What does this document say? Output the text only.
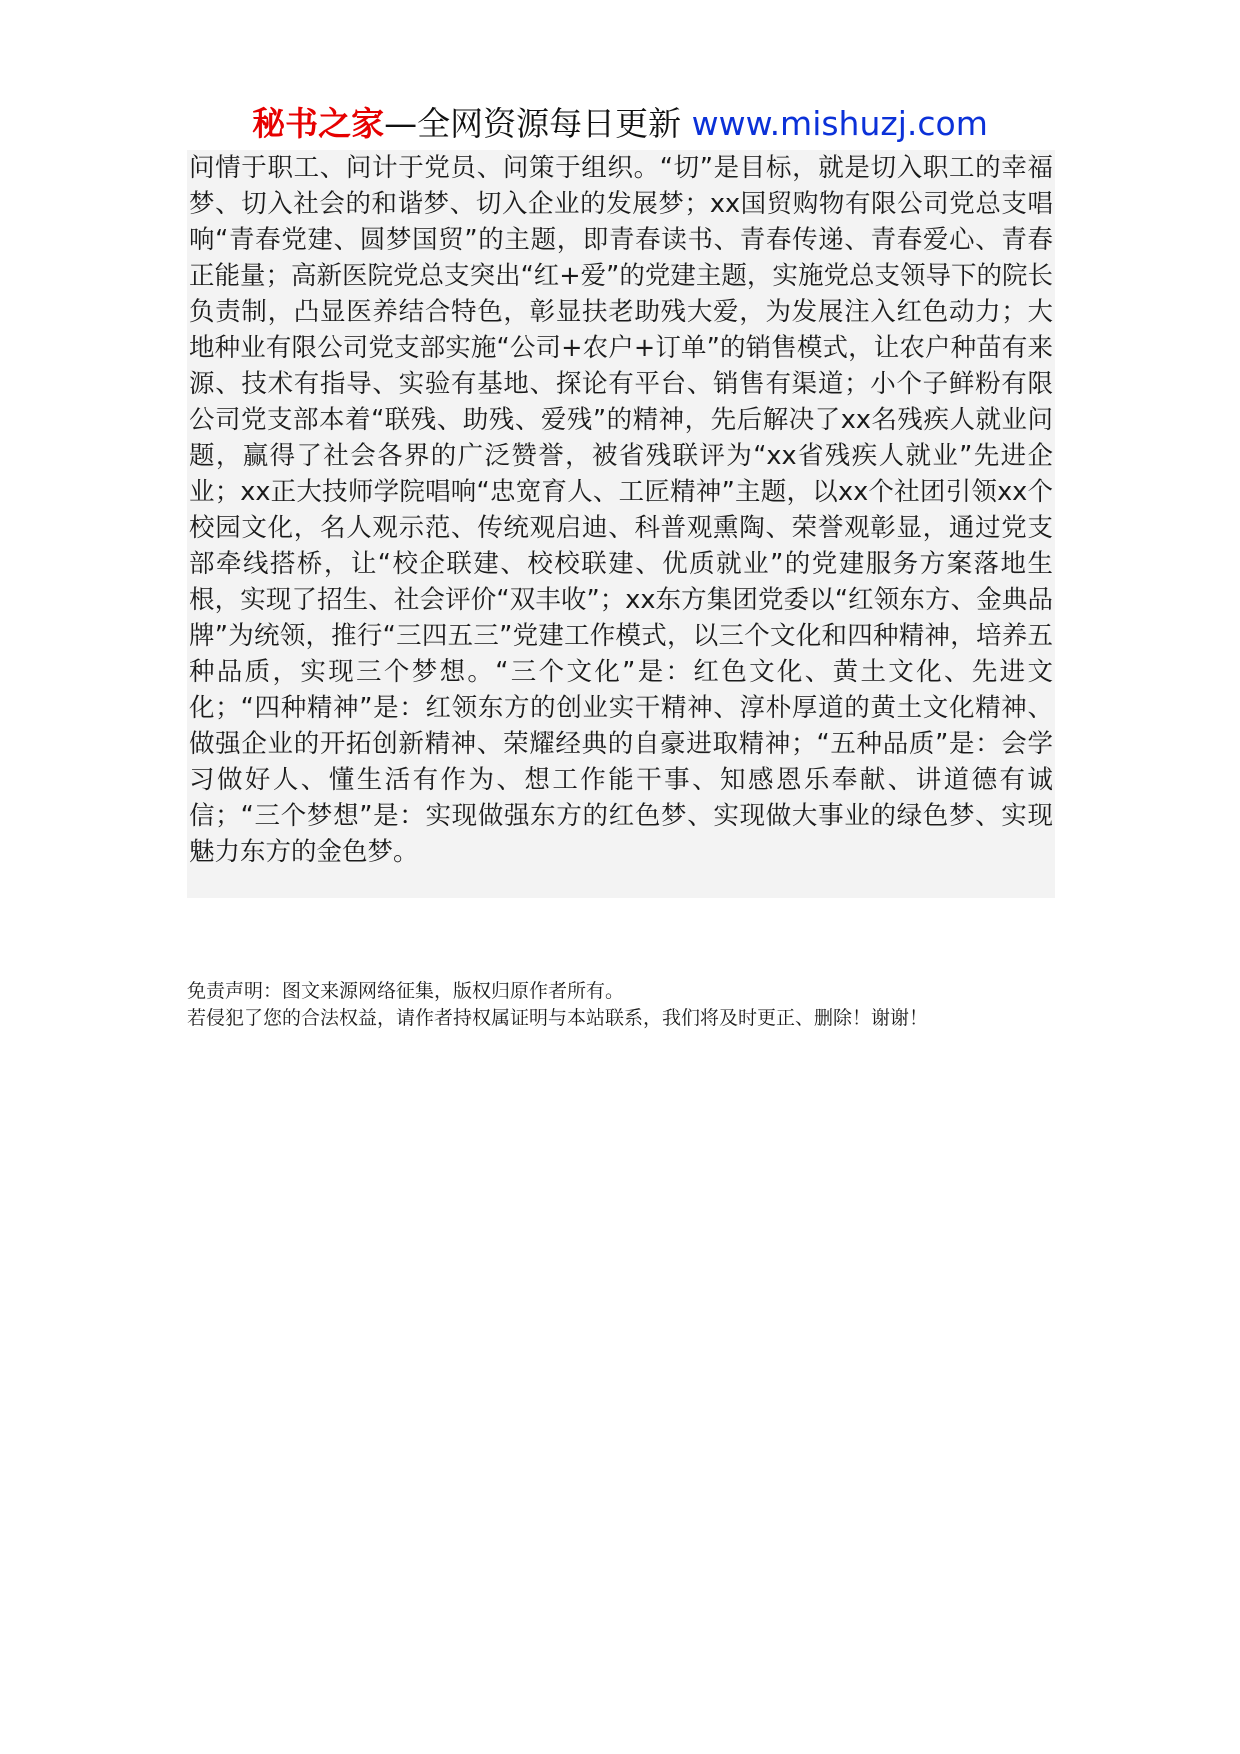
秘书之家—全网资源每日更新 www.mishuzj.com

问情于职工、问计于党员、问策于组织。“切”是目标，就是切入职工的幸福梦、切入社会的和谐梦、切入企业的发展梦；xx国贸购物有限公司党总支唱响“青春党建、圆梦国贸”的主题，即青春读书、青春传递、青春爱心、青春正能量；高新医院党总支突出“红+爱”的党建主题，实施党总支领导下的院长负责制，凸显医养结合特色，彰显扶老助残大爱，为发展注入红色动力；大地种业有限公司党支部实施“公司+农户+订单”的销售模式，让农户种苗有来源、技术有指导、实验有基地、探论有平台、销售有渠道；小个子鲜粉有限公司党支部本着“联残、助残、爱残”的精神，先后解决了xx名残疾人就业问题，赢得了社会各界的广泛赞誉，被省残联评为“xx省残疾人就业”先进企业；xx正大技师学院唱响“忠宽育人、工匠精神”主题，以xx个社团引领xx个校园文化，名人观示范、传统观启迪、科普观熏陶、荣誉观彰显，通过党支部牵线搭桥，让“校企联建、校校联建、优质就业”的党建服务方案落地生根，实现了招生、社会评价“双丰收”；xx东方集团党委以“红领东方、金典品牌”为统领，推行“三四五三”党建工作模式，以三个文化和四种精神，培养五种品质，实现三个梦想。“三个文化”是：红色文化、黄土文化、先进文化；“四种精神”是：红领东方的创业实干精神、淳朴厚道的黄土文化精神、做强企业的开拓创新精神、荣耀经典的自豪进取精神；“五种品质”是：会学习做好人、懂生活有作为、想工作能干事、知感恩乐奉献、讲道德有诚信；“三个梦想”是：实现做强东方的红色梦、实现做大事业的绿色梦、实现魅力东方的金色梦。

免责声明：图文来源网络征集，版权归原作者所有。
若侵犯了您的合法权益，请作者持权属证明与本站联系，我们将及时更正、删除！谢谢！
